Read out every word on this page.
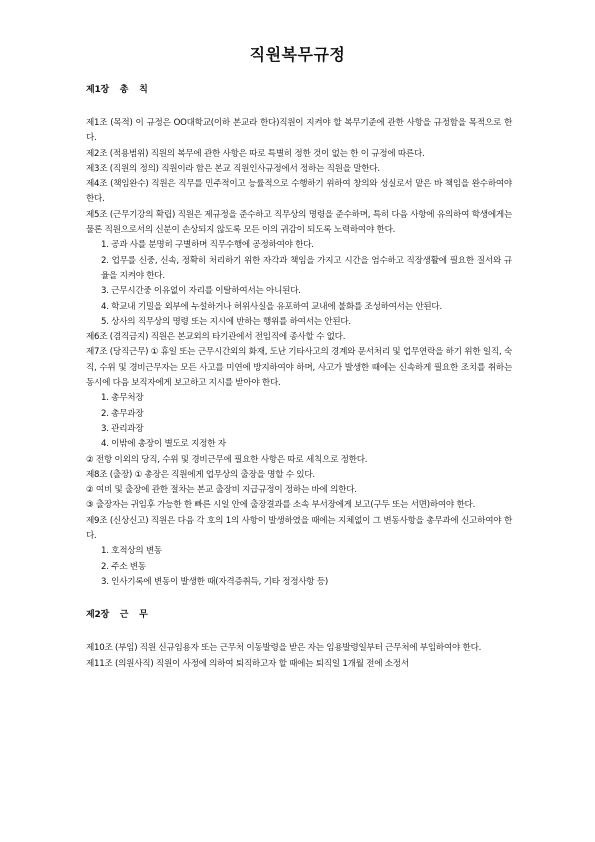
직원복무규정

제1장 총 칙

제1조 (목적) 이 규정은 OO대학교(이하 본교라 한다)직원이 지켜야 할 복무기준에 관한 사항을 규정함을 목적으로 한다.

제2조 (적용범위) 직원의 복무에 관한 사항은 따로 특별히 정한 것이 없는 한 이 규정에 따른다.

제3조 (직원의 정의) 직원이라 함은 본교 직원인사규정에서 정하는 직원을 말한다.

제4조 (책임완수) 직원은 직무를 민주적이고 능률적으로 수행하기 위하여 창의와 성실로서 맡은 바 책임을 완수하여야 한다.

제5조 (근무기강의 확립) 직원은 제규정을 준수하고 직무상의 명령을 준수하며, 특히 다음 사항에 유의하여 학생에게는 물론 직원으로서의 신분이 손상되지 않도록 모든 이의 귀감이 되도록 노력하여야 한다.

1. 공과 사를 분명히 구별하며 직무수행에 공정하여야 한다.

2. 업무를 신중, 신속, 정확히 처리하기 위한 자각과 책임을 가지고 시간을 엄수하고 직장생활에 필요한 질서와 규율을 지켜야 한다.

3. 근무시간중 이유없이 자리를 이탈하여서는 아니된다.

4. 학교내 기밀을 외부에 누설하거나 허위사실을 유포하여 교내에 불화를 조성하여서는 안된다.

5. 상사의 직무상의 명령 또는 지시에 반하는 행위를 하여서는 안된다.

제6조 (겸직금지) 직원은 본교외의 타기관에서 전임직에 종사할 수 없다.

제7조 (당직근무) ① 휴일 또는 근무시간외의 화재, 도난 기타사고의 경계와 문서처리 및 업무연락을 하기 위한 일직, 숙직, 수위 및 경비근무자는 모든 사고를 미연에 방지하여야 하며, 사고가 발생한 때에는 신속하게 필요한 조치를 취하는 동시에 다음 보직자에게 보고하고 지시를 받아야 한다.

1. 총무처장

2. 총무과장

3. 관리과장

4. 이밖에 총장이 별도로 지정한 자

② 전항 이외의 당직, 수위 및 경비근무에 필요한 사항은 따로 세칙으로 정한다.

제8조 (출장) ① 총장은 직원에게 업무상의 출장을 명할 수 있다.

② 여비 및 출장에 관한 절차는 본교 출장비 지급규정이 정하는 바에 의한다.

③ 출장자는 귀임후 가능한 한 빠른 시일 안에 출장결과를 소속 부서장에게 보고(구두 또는 서면)하여야 한다.

제9조 (신상신고) 직원은 다음 각 호의 1의 사항이 발생하였을 때에는 지체없이 그 변동사항을 총무과에 신고하여야 한다.

1. 호적상의 변동

2. 주소 변동

3. 인사기록에 변동이 발생한 때(자격증취득, 기타 정정사항 등)

제2장 근 무

제10조 (부임) 직원 신규임용자 또는 근무처 이동발령을 받은 자는 임용발령일부터 근무처에 부임하여야 한다.

제11조 (의원사직) 직원이 사정에 의하여 퇴직하고자 할 때에는 퇴직일 1개월 전에 소정서
